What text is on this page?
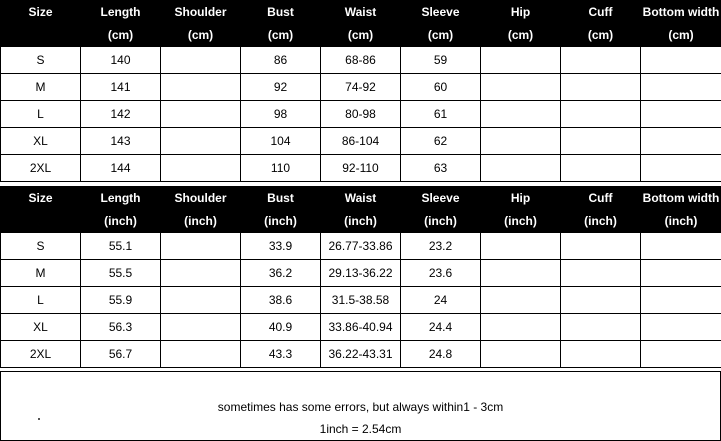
Size	Length	Shoulder	Bust	Waist	Sleeve	Hip	Cuff	Bottom width
	(cm)	(cm)	(cm)	(cm)	(cm)	(cm)	(cm)	(cm)
S	140		86	68-86	59			
M	141		92	74-92	60			
L	142		98	80-98	61			
XL	143		104	86-104	62			
2XL	144		110	92-110	63			
Size	Length	Shoulder	Bust	Waist	Sleeve	Hip	Cuff	Bottom width
	(inch)	(inch)	(inch)	(inch)	(inch)	(inch)	(inch)	(inch)
S	55.1		33.9	26.77-33.86	23.2			
M	55.5		36.2	29.13-36.22	23.6			
L	55.9		38.6	31.5-38.58	24			
XL	56.3		40.9	33.86-40.94	24.4			
2XL	56.7		43.3	36.22-43.31	24.8			
sometimes has some errors, but always within1 - 3cm
1inch = 2.54cm
